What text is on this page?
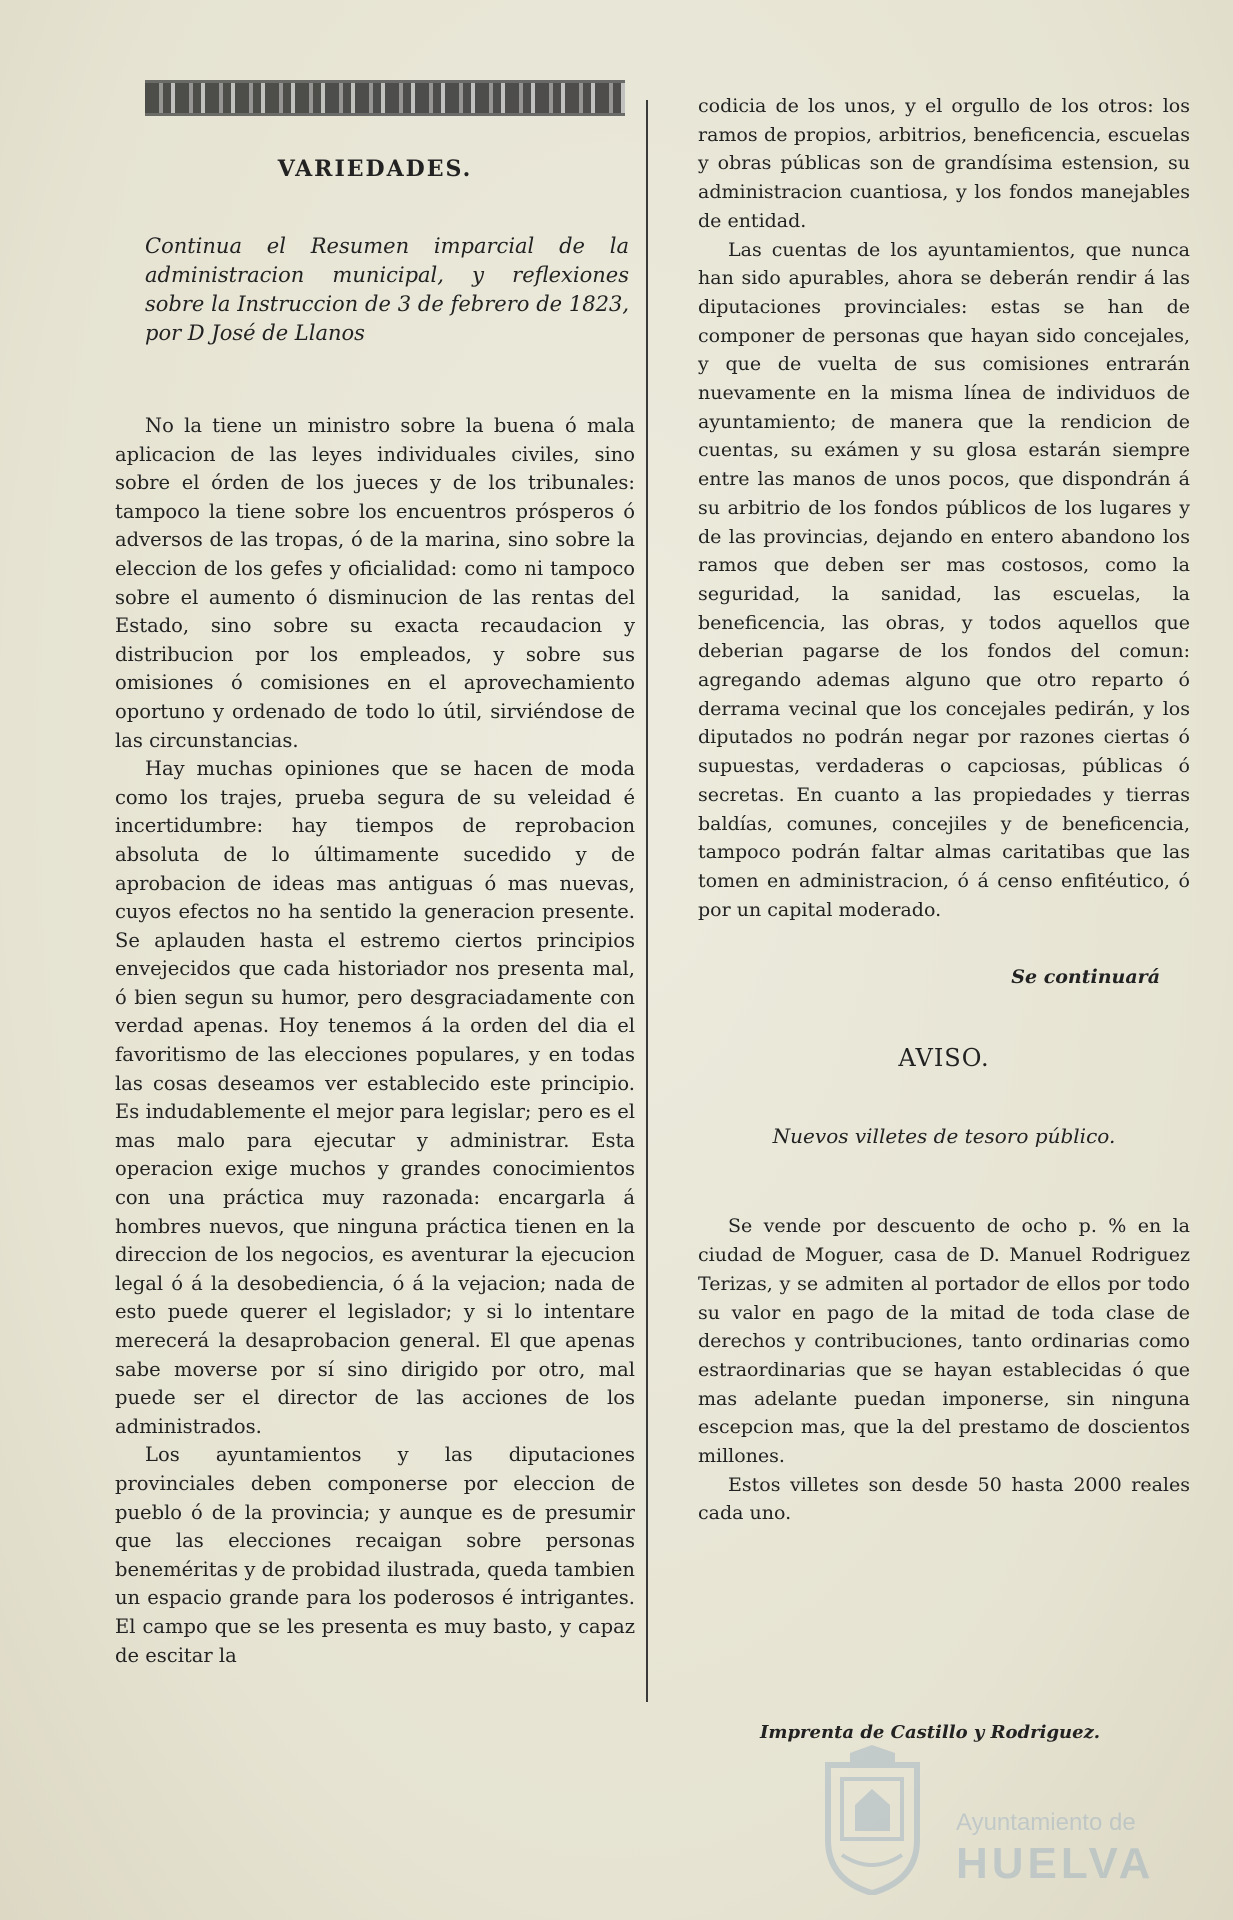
VARIEDADES.
Continua el Resumen imparcial de la administracion municipal, y reflexiones sobre la Instruccion de 3 de febrero de 1823, por D José de Llanos

No la tiene un ministro sobre la buena ó mala aplicacion de las leyes individuales civiles, sino sobre el órden de los jueces y de los tribunales: tampoco la tiene sobre los encuentros prósperos ó adversos de las tropas, ó de la marina, sino sobre la eleccion de los gefes y oficialidad: como ni tampoco sobre el aumento ó disminucion de las rentas del Estado, sino sobre su exacta recaudacion y distribucion por los empleados, y sobre sus omisiones ó comisiones en el aprovechamiento oportuno y ordenado de todo lo útil, sirviéndose de las circunstancias.

Hay muchas opiniones que se hacen de moda como los trajes, prueba segura de su veleidad é incertidumbre: hay tiempos de reprobacion absoluta de lo últimamente sucedido y de aprobacion de ideas mas antiguas ó mas nuevas, cuyos efectos no ha sentido la generacion presente. Se aplauden hasta el estremo ciertos principios envejecidos que cada historiador nos presenta mal, ó bien segun su humor, pero desgraciadamente con verdad apenas. Hoy tenemos á la orden del dia el favoritismo de las elecciones populares, y en todas las cosas deseamos ver establecido este principio. Es indudablemente el mejor para legislar; pero es el mas malo para ejecutar y administrar. Esta operacion exige muchos y grandes conocimientos con una práctica muy razonada: encargarla á hombres nuevos, que ninguna práctica tienen en la direccion de los negocios, es aventurar la ejecucion legal ó á la desobediencia, ó á la vejacion; nada de esto puede querer el legislador; y si lo intentare merecerá la desaprobacion general. El que apenas sabe moverse por sí sino dirigido por otro, mal puede ser el director de las acciones de los administrados.

Los ayuntamientos y las diputaciones provinciales deben componerse por eleccion de pueblo ó de la provincia; y aunque es de presumir que las elecciones recaigan sobre personas beneméritas y de probidad ilustrada, queda tambien un espacio grande para los poderosos é intrigantes. El campo que se les presenta es muy basto, y capaz de escitar la

codicia de los unos, y el orgullo de los otros: los ramos de propios, arbitrios, beneficencia, escuelas y obras públicas son de grandísima estension, su administracion cuantiosa, y los fondos manejables de entidad.

Las cuentas de los ayuntamientos, que nunca han sido apurables, ahora se deberán rendir á las diputaciones provinciales: estas se han de componer de personas que hayan sido concejales, y que de vuelta de sus comisiones entrarán nuevamente en la misma línea de individuos de ayuntamiento; de manera que la rendicion de cuentas, su exámen y su glosa estarán siempre entre las manos de unos pocos, que dispondrán á su arbitrio de los fondos públicos de los lugares y de las provincias, dejando en entero abandono los ramos que deben ser mas costosos, como la seguridad, la sanidad, las escuelas, la beneficencia, las obras, y todos aquellos que deberian pagarse de los fondos del comun: agregando ademas alguno que otro reparto ó derrama vecinal que los concejales pedirán, y los diputados no podrán negar por razones ciertas ó supuestas, verdaderas o capciosas, públicas ó secretas. En cuanto a las propiedades y tierras baldías, comunes, concejiles y de beneficencia, tampoco podrán faltar almas caritatibas que las tomen en administracion, ó á censo enfitéutico, ó por un capital moderado.

Se continuará
AVISO.
Nuevos villetes de tesoro público.

Se vende por descuento de ocho p. % en la ciudad de Moguer, casa de D. Manuel Rodriguez Terizas, y se admiten al portador de ellos por todo su valor en pago de la mitad de toda clase de derechos y contribuciones, tanto ordinarias como estraordinarias que se hayan establecidas ó que mas adelante puedan imponerse, sin ninguna escepcion mas, que la del prestamo de doscientos millones.

Estos villetes son desde 50 hasta 2000 reales cada uno.

Imprenta de Castillo y Rodriguez.
Ayuntamiento de
HUELVA
